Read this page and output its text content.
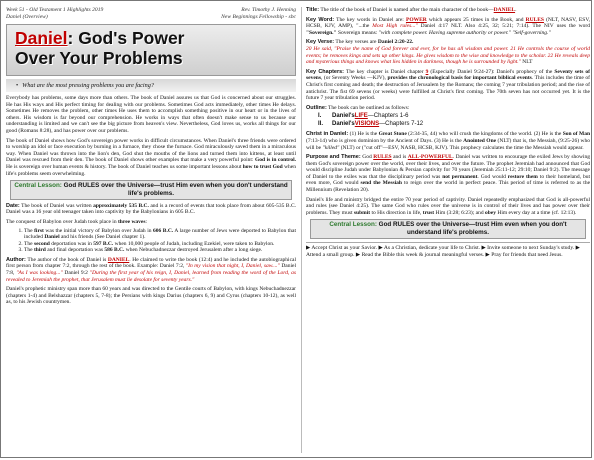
Week 51 - Old Testament 1 Highlights 2019
Daniel (Overview)
Rev. Timothy J. Henning
New Beginnings Fellowship - sbc
Daniel: God's Power
Over Your Problems
• What are the most pressing problems you are facing?

Everybody has problems, some days more than others. The book of Daniel assures us that God is concerned about our struggles. He has His ways and His perfect timing for dealing with our problems. Sometimes God acts immediately, other times He delays. Sometimes He removes the problem, other times He uses them to accomplish something positive in our heart or in the lives of others. His wisdom is far beyond our comprehension. He works in ways that often doesn't make sense to us because our understanding is limited and we can't see the big picture from heaven's view. Nevertheless, God loves us, works all things for our good (Romans 8:28), and has power over our problems.

The book of Daniel shows how God's sovereign power works in difficult circumstances. When Daniel's three friends were ordered to worship an idol or face execution by burning in a furnace, they chose the furnace. God miraculously saved them in a miraculous way. When Daniel was thrown into the lion's den, God shut the mouths of the lions and turned them into kittens, at least until Daniel was rescued from their den. The book of Daniel shows other examples that make a very powerful point: God is in control. He is sovereign over human events & history. The book of Daniel teaches us some important lessons about how to trust God when life's problems seem overwhelming.

Central Lesson: God RULES over the Universe—trust Him even when you don't understand life's problems.

Date: The book of Daniel was written approximately 535 B.C. and is a record of events that took place from about 605-535 B.C. Daniel was a 16 year old teenager taken into captivity by the Babylonians in 605 B.C.

The conquest of Babylon over Judah took place in three waves:

1. The first was the initial victory of Babylon over Judah in 606 B.C. A large number of Jews were deported to Babylon that included Daniel and his friends (See Daniel chapter 1).
2. The second deportation was in 597 B.C. when 10,000 people of Judah, including Ezekiel, were taken to Babylon.
3. The third and final deportation was 586 B.C. when Nebuchadnezzar destroyed Jerusalem after a long siege.

Author: The author of the book of Daniel is DANIEL. He claimed to write the book (12:4) and he included the autobiographical first person from chapter 7:2, through the rest of the book. Example: Daniel 7:2, "In my vision that night, I, Daniel, saw...." Daniel 7:8, "As I was looking..." Daniel 9:2 "During the first year of his reign, I, Daniel, learned from reading the word of the Lord, as revealed to Jeremiah the prophet, that Jerusalem must lie desolate for seventy years."

Daniel's prophetic ministry span more than 60 years and was directed to the Gentile courts of Babylon, with kings Nebuchadnezzar (chapters 1-4) and Belshazzar (chapters 5, 7-8); the Persians with kings Darius (chapters 6, 9) and Cyrus (chapters 10-12), as well as, to his Jewish countrymen.

Title: The title of the book of Daniel is named after the main character of the book—DANIEL.

Key Word: The key words in Daniel are: POWER which appears 25 times in the Book, and RULES (NLT, NASV, ESV, HCSB, KJV, AMP), "...the Most High rules..." Daniel 4:17 NLT. Also 4:25, 32; 5:21; 7:14). The NIV uses the word "Sovereign." Sovereign means: "with complete power. Having supreme authority or power." "Self-governing."

Key Verse: The key verses are Daniel 2:20-22.
20 He said, "Praise the name of God forever and ever, for he has all wisdom and power. 21 He controls the course of world events; he removes kings and sets up other kings. He gives wisdom to the wise and knowledge to the scholar. 22 He reveals deep and mysterious things and knows what lies hidden in darkness, though he is surrounded by light." NLT

Key Chapters: The key chapter is Daniel chapter 9 (Especially Daniel 9:24-27): Daniel's prophecy of the Seventy sets of sevens, (or Seventy Weeks —KJV), provides the chronological basis for important biblical events. This includes the time of Christ's first coming and death; the destruction of Jerusalem by the Romans; the coming 7 year tribulation period; and the rise of antichrist. The fist 69 sevens (or weeks) were fulfilled at Christ's first coming. The 70th seven has not occurred yet. It is the future 7 year tribulation period.

Outline: The book can be outlined as follows:

I.	Daniel's LIFE —Chapters 1-6
II.	Daniel's VISIONS —Chapters 7-12

Christ in Daniel: (1) He is the Great Stone (2:34-35, 44) who will crush the kingdoms of the world. (2) He is the Son of Man (7:13-14) who is given dominion by the Ancient of Days. (3) He is the Anointed One (NLT) that is, the Messiah, (9:25-26) who will be "killed" (NLT) or ("cut off"—ESV, NASB, HCSB, KJV). This prophecy calculates the time the Messiah would appear.

Purpose and Theme: God RULES and is ALL-POWERFUL. Daniel was written to encourage the exiled Jews by showing them God's sovereign power over the world, over their lives, and over the future. The prophet Jeremiah had announced that God would discipline Judah under Babylonian & Persian captivity for 70 years (Jeremiah 25:11-12; 29:10; Daniel 9:2). The message of Daniel to the exiles was that the disciplinary period was not permanent. God would restore them to their homeland, but even more, God would send the Messiah to reign over the world in perfect peace. This period of time is referred to as the Millennium (Revelation 20).

Daniel's life and ministry bridged the entire 70 year period of captivity. Daniel repeatedly emphasized that God is all-powerful and rules (see Daniel 4:25). The same God who rules over the universe is in control of their lives and has power over their problems. They must submit to His direction in life, trust Him (3:28; 6:23); and obey Him every day at a time (cf. 12:13).

Central Lesson: God RULES over the Universe—trust Him even when you don't understand life's problems.
▶ Accept Christ as your Savior. ▶ As a Christian, dedicate your life to Christ. ▶ Invite someone to next Sunday's study. ▶ Attend a small group. ▶ Read the Bible this week & journal meaningful verses. ▶ Pray for friends that need Jesus.
